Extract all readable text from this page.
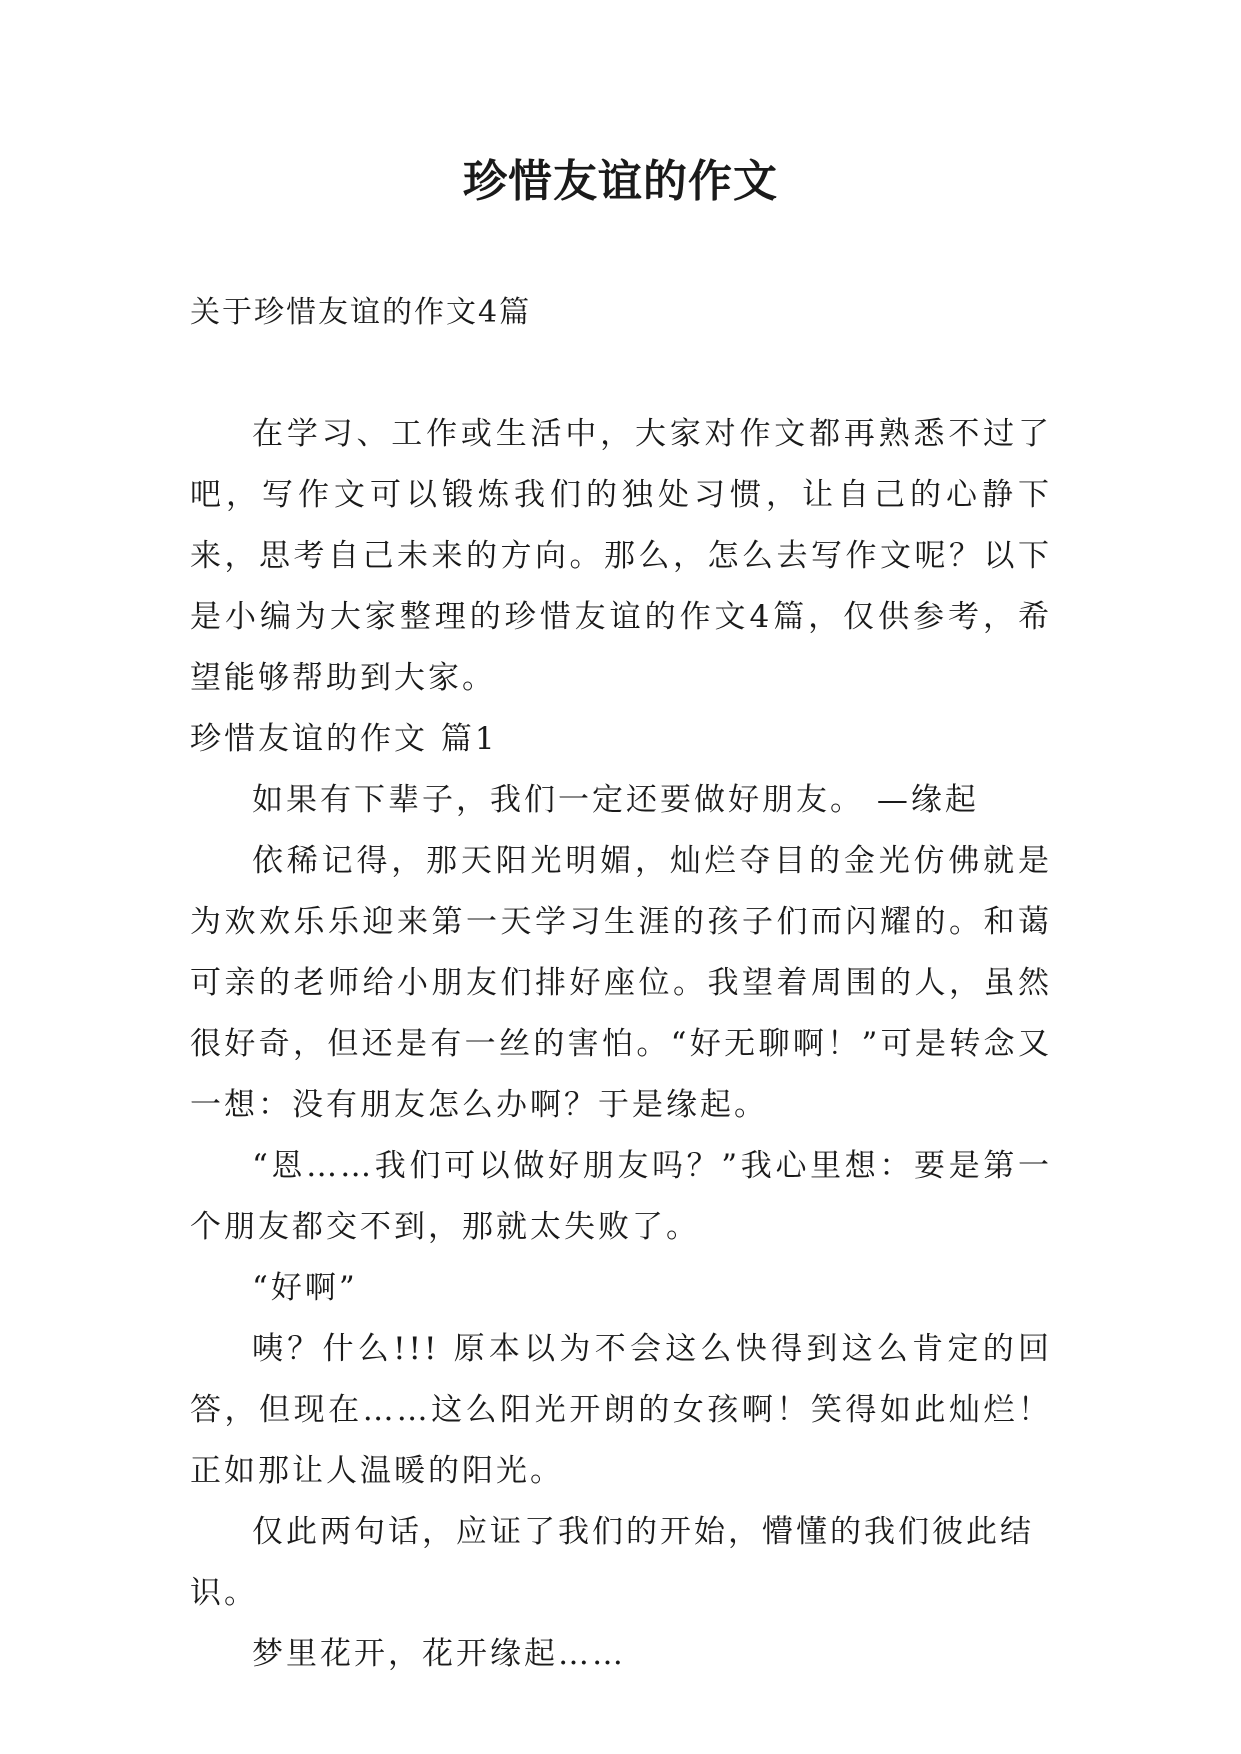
珍惜友谊的作文
关于珍惜友谊的作文4篇

在学习、工作或生活中，大家对作文都再熟悉不过了吧，写作文可以锻炼我们的独处习惯，让自己的心静下来，思考自己未来的方向。那么，怎么去写作文呢？以下是小编为大家整理的珍惜友谊的作文4篇，仅供参考，希望能够帮助到大家。

珍惜友谊的作文 篇1

如果有下辈子，我们一定还要做好朋友。 —缘起

依稀记得，那天阳光明媚，灿烂夺目的金光仿佛就是为欢欢乐乐迎来第一天学习生涯的孩子们而闪耀的。和蔼可亲的老师给小朋友们排好座位。我望着周围的人，虽然很好奇，但还是有一丝的害怕。“好无聊啊！”可是转念又一想：没有朋友怎么办啊？于是缘起。

“恩……我们可以做好朋友吗？”我心里想：要是第一个朋友都交不到，那就太失败了。

“好啊”

咦？什么!!! 原本以为不会这么快得到这么肯定的回答，但现在……这么阳光开朗的女孩啊！笑得如此灿烂！正如那让人温暖的阳光。

仅此两句话，应证了我们的开始，懵懂的我们彼此结识。

梦里花开，花开缘起……
